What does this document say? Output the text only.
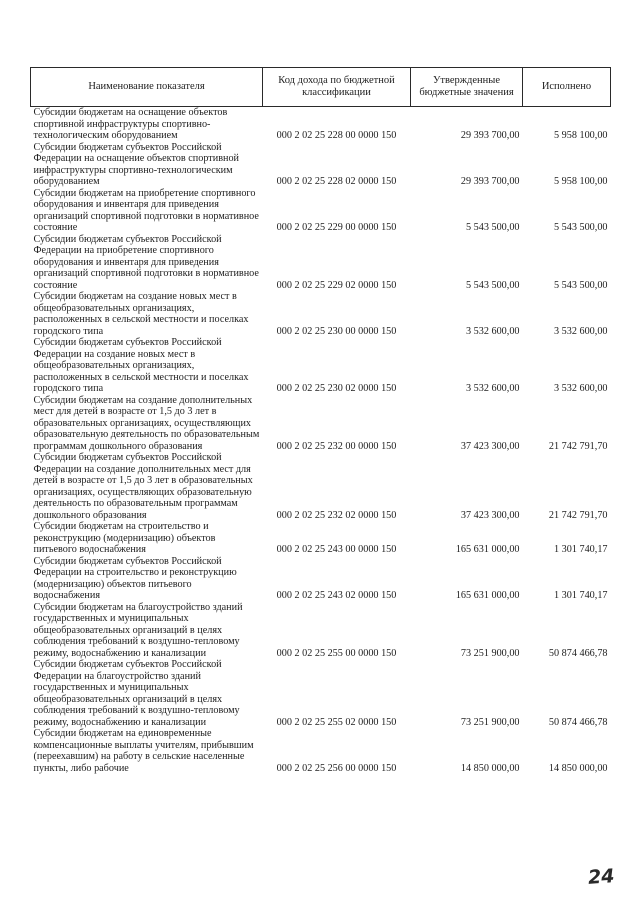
Наименование показателя	Код дохода по бюджетной классификации	Утвержденные бюджетные значения	Исполнено
Субсидии бюджетам на оснащение объектов спортивной инфраструктуры спортивно-технологическим оборудованием	000 2 02 25 228 00 0000 150	29 393 700,00	5 958 100,00
Субсидии бюджетам субъектов Российской Федерации на оснащение объектов спортивной инфраструктуры спортивно-технологическим оборудованием	000 2 02 25 228 02 0000 150	29 393 700,00	5 958 100,00
Субсидии бюджетам на приобретение спортивного оборудования и инвентаря для приведения организаций спортивной подготовки в нормативное состояние	000 2 02 25 229 00 0000 150	5 543 500,00	5 543 500,00
Субсидии бюджетам субъектов Российской Федерации на приобретение спортивного оборудования и инвентаря для приведения организаций спортивной подготовки в нормативное состояние	000 2 02 25 229 02 0000 150	5 543 500,00	5 543 500,00
Субсидии бюджетам на создание новых мест в общеобразовательных организациях, расположенных в сельской местности и поселках городского типа	000 2 02 25 230 00 0000 150	3 532 600,00	3 532 600,00
Субсидии бюджетам субъектов Российской Федерации на создание новых мест в общеобразовательных организациях, расположенных в сельской местности и поселках городского типа	000 2 02 25 230 02 0000 150	3 532 600,00	3 532 600,00
Субсидии бюджетам на создание дополнительных мест для детей в возрасте от 1,5 до 3 лет в образовательных организациях, осуществляющих образовательную деятельность по образовательным программам дошкольного образования	000 2 02 25 232 00 0000 150	37 423 300,00	21 742 791,70
Субсидии бюджетам субъектов Российской Федерации на создание дополнительных мест для детей в возрасте от 1,5 до 3 лет в образовательных организациях, осуществляющих образовательную деятельность по образовательным программам дошкольного образования	000 2 02 25 232 02 0000 150	37 423 300,00	21 742 791,70
Субсидии бюджетам на строительство и реконструкцию (модернизацию) объектов питьевого водоснабжения	000 2 02 25 243 00 0000 150	165 631 000,00	1 301 740,17
Субсидии бюджетам субъектов Российской Федерации на строительство и реконструкцию (модернизацию) объектов питьевого водоснабжения	000 2 02 25 243 02 0000 150	165 631 000,00	1 301 740,17
Субсидии бюджетам на благоустройство зданий государственных и муниципальных общеобразовательных организаций в целях соблюдения требований к воздушно-тепловому режиму, водоснабжению и канализации	000 2 02 25 255 00 0000 150	73 251 900,00	50 874 466,78
Субсидии бюджетам субъектов Российской Федерации на благоустройство зданий государственных и муниципальных общеобразовательных организаций в целях соблюдения требований к воздушно-тепловому режиму, водоснабжению и канализации	000 2 02 25 255 02 0000 150	73 251 900,00	50 874 466,78
Субсидии бюджетам на единовременные компенсационные выплаты учителям, прибывшим (переехавшим) на работу в сельские населенные пункты, либо рабочие	000 2 02 25 256 00 0000 150	14 850 000,00	14 850 000,00
24
